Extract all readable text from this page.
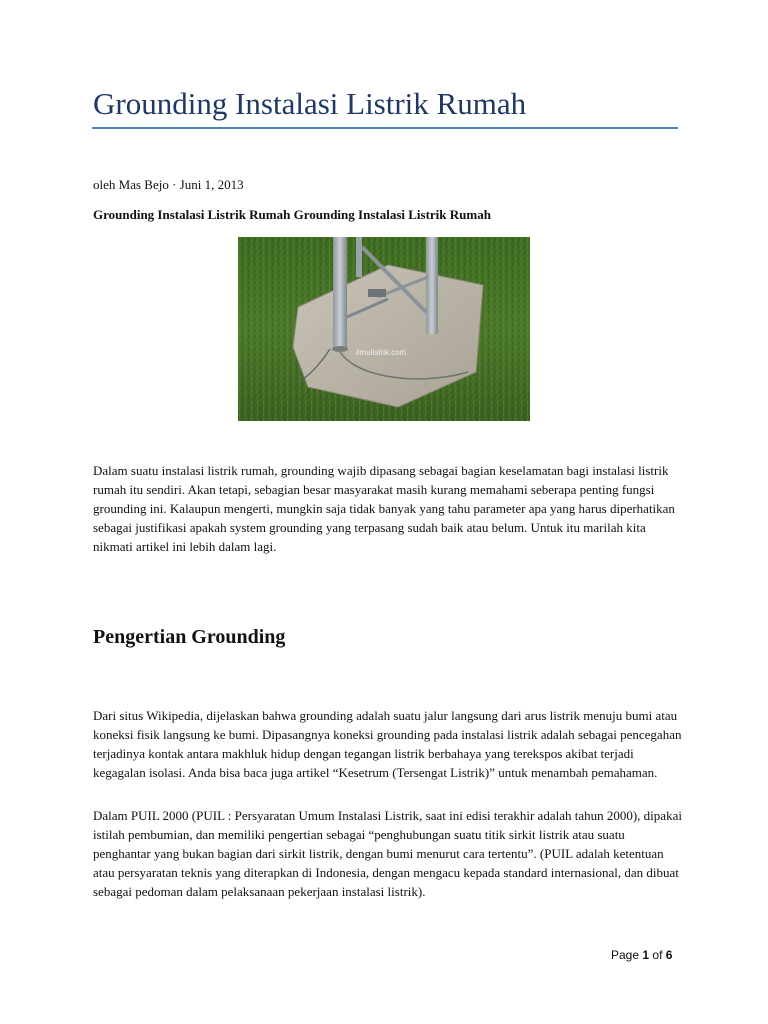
Grounding Instalasi Listrik Rumah
oleh Mas Bejo · Juni 1, 2013
Grounding Instalasi Listrik Rumah Grounding Instalasi Listrik Rumah
ilmulistrik.com

Dalam suatu instalasi listrik rumah, grounding wajib dipasang sebagai bagian keselamatan bagi instalasi listrik rumah itu sendiri. Akan tetapi, sebagian besar masyarakat masih kurang memahami seberapa penting fungsi grounding ini. Kalaupun mengerti, mungkin saja tidak banyak yang tahu parameter apa yang harus diperhatikan sebagai justifikasi apakah system grounding yang terpasang sudah baik atau belum. Untuk itu marilah kita nikmati artikel ini lebih dalam lagi.

Pengertian Grounding

Dari situs Wikipedia, dijelaskan bahwa grounding adalah suatu jalur langsung dari arus listrik menuju bumi atau koneksi fisik langsung ke bumi. Dipasangnya koneksi grounding pada instalasi listrik adalah sebagai pencegahan terjadinya kontak antara makhluk hidup dengan tegangan listrik berbahaya yang terekspos akibat terjadi kegagalan isolasi. Anda bisa baca juga artikel “Kesetrum (Tersengat Listrik)” untuk menambah pemahaman.

Dalam PUIL 2000 (PUIL : Persyaratan Umum Instalasi Listrik, saat ini edisi terakhir adalah tahun 2000), dipakai istilah pembumian, dan memiliki pengertian sebagai “penghubungan suatu titik sirkit listrik atau suatu penghantar yang bukan bagian dari sirkit listrik, dengan bumi menurut cara tertentu”. (PUIL adalah ketentuan atau persyaratan teknis yang diterapkan di Indonesia, dengan mengacu kepada standard internasional, dan dibuat sebagai pedoman dalam pelaksanaan pekerjaan instalasi listrik).

Page 1 of 6
